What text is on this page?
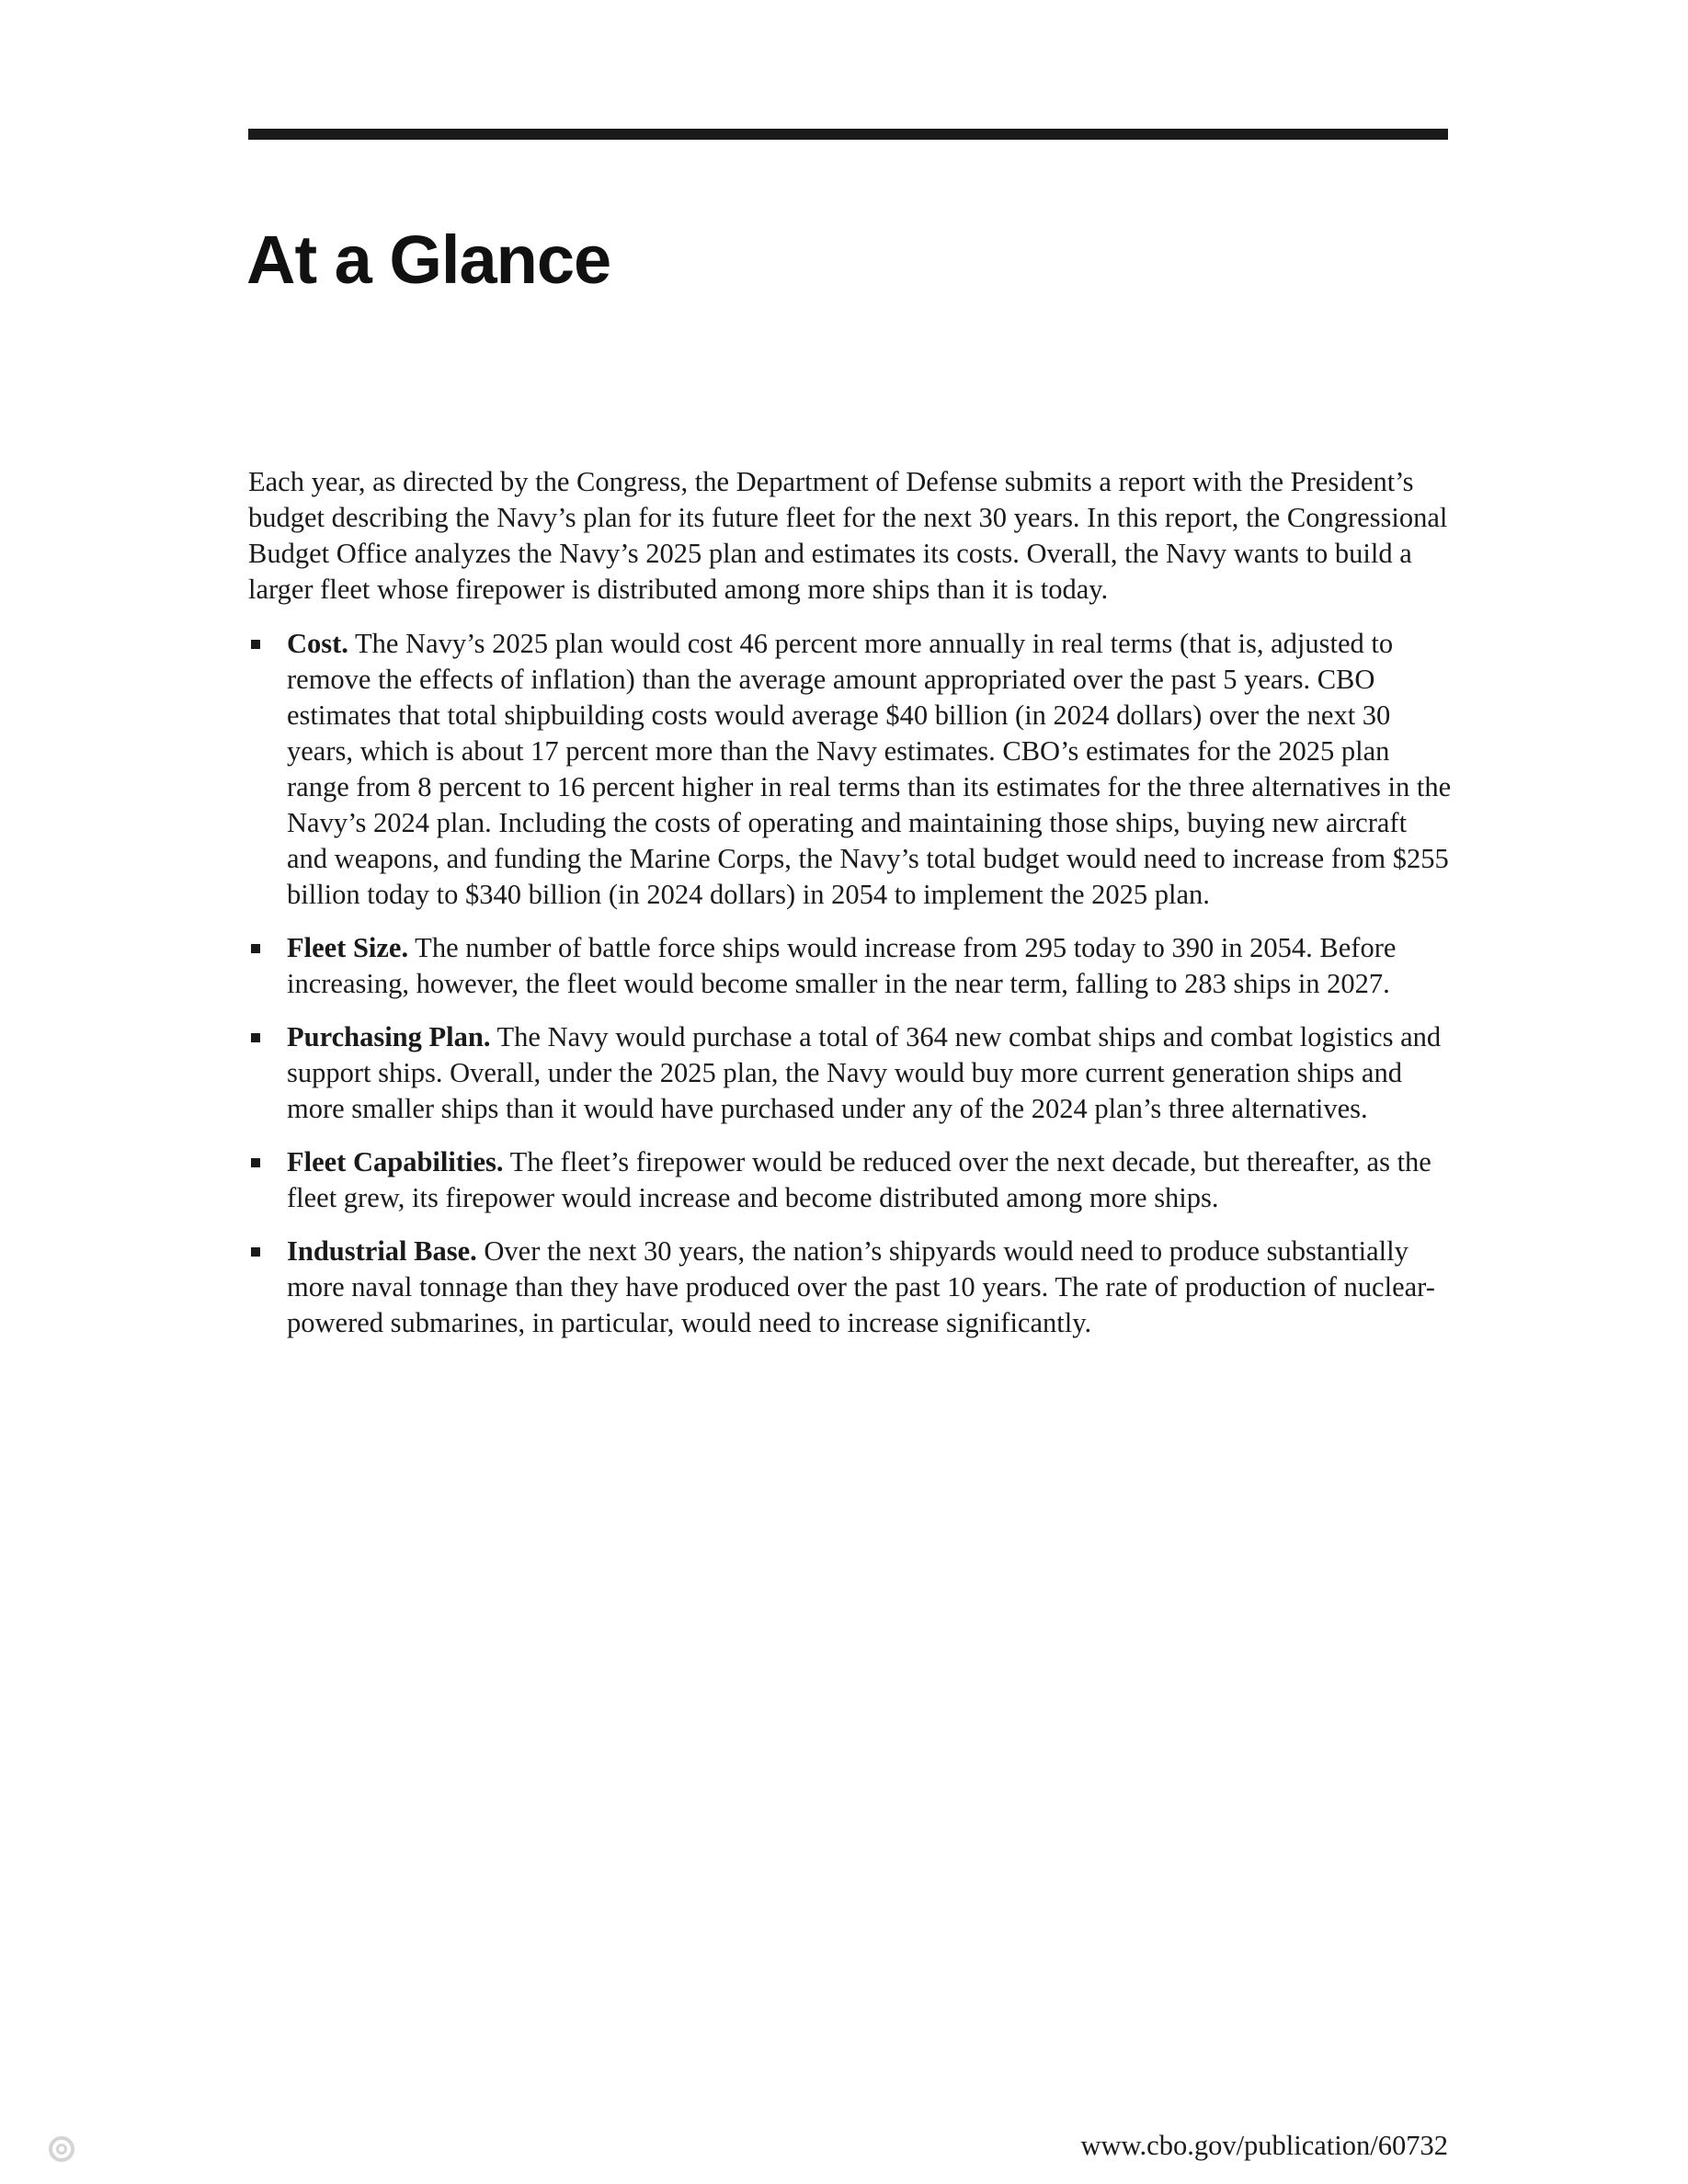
At a Glance

Each year, as directed by the Congress, the Department of Defense submits a report with the President’s budget describing the Navy’s plan for its future fleet for the next 30 years. In this report, the Congressional Budget Office analyzes the Navy’s 2025 plan and estimates its costs. Overall, the Navy wants to build a larger fleet whose firepower is distributed among more ships than it is today.

Cost. The Navy’s 2025 plan would cost 46 percent more annually in real terms (that is, adjusted to remove the effects of inflation) than the average amount appropriated over the past 5 years. CBO estimates that total shipbuilding costs would average $40 billion (in 2024 dollars) over the next 30 years, which is about 17 percent more than the Navy estimates. CBO’s estimates for the 2025 plan range from 8 percent to 16 percent higher in real terms than its estimates for the three alternatives in the Navy’s 2024 plan. Including the costs of operating and maintaining those ships, buying new aircraft and weapons, and funding the Marine Corps, the Navy’s total budget would need to increase from $255 billion today to $340 billion (in 2024 dollars) in 2054 to implement the 2025 plan.
Fleet Size. The number of battle force ships would increase from 295 today to 390 in 2054. Before increasing, however, the fleet would become smaller in the near term, falling to 283 ships in 2027.
Purchasing Plan. The Navy would purchase a total of 364 new combat ships and combat logistics and support ships. Overall, under the 2025 plan, the Navy would buy more current generation ships and more smaller ships than it would have purchased under any of the 2024 plan’s three alternatives.
Fleet Capabilities. The fleet’s firepower would be reduced over the next decade, but thereafter, as the fleet grew, its firepower would increase and become distributed among more ships.
Industrial Base. Over the next 30 years, the nation’s shipyards would need to produce substantially more naval tonnage than they have produced over the past 10 years. The rate of production of nuclear-powered submarines, in particular, would need to increase significantly.

www.cbo.gov/publication/60732
